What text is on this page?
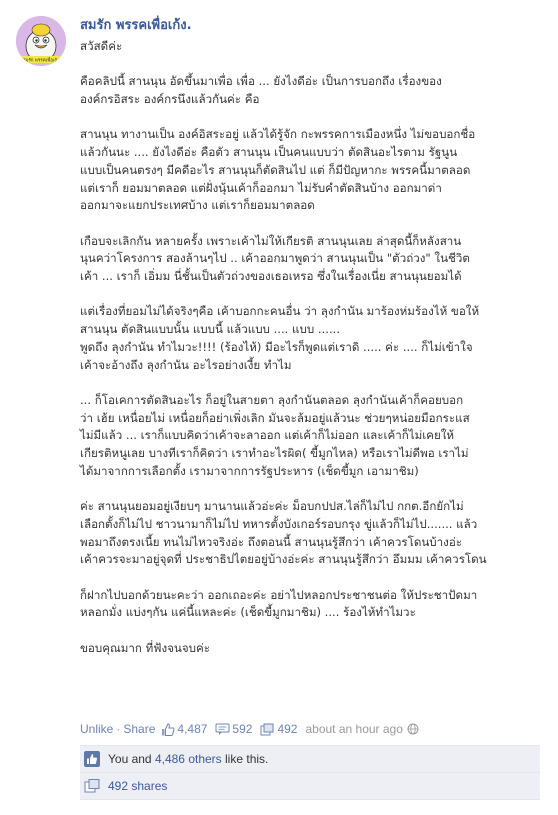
สมรัก พรรคเพื่อเก้ง
สมรัก พรรคเพื่อเก้ง.

สวัสดีค่ะ

คือคลิปนี้ สานนุน อัดขึ้นมาเพื่อ เพื่อ ... ยังไงดีอ่ะ เป็นการบอกถึง เรื่องของ
องค์กรอิสระ องค์กรนึงแล้วกันค่ะ คือ

สานนุน ทางานเป็น องค์อิสระอยู่ แล้วได้รู้จัก กะพรรคการเมืองหนึ่ง ไม่ขอบอกชื่อ
แล้วกันนะ .... ยังไงดีอ่ะ คือตัว สานนุน เป็นคนแบบว่า ตัดสินอะไรตาม รัฐนูน
แบบเป็นคนตรงๆ มีคดีอะไร สานนุนก็ตัดสินไป แต่ ก็มีปัญหากะ พรรคนี้มาตลอด
แต่เราก็ ยอมมาตลอด แต่ฝั่งนุ้นเค้าก็ออกมา ไม่รับคำตัดสินบ้าง ออกมาด่า
ออกมาจะแยกประเทศบ้าง แต่เราก็ยอมมาตลอด

เกือบจะเลิกกัน หลายครั้ง เพราะเค้าไม่ให้เกียรติ สานนุนเลย ล่าสุดนี้ก็หลังสาน
นุนคว่าโครงการ สองล้านๆไป .. เค้าออกมาพูดว่า สานนุนเป็น "ตัวถ่วง" ในชีวิต
เค้า ... เราก็ เอิ่มม นี่ชั้นเป็นตัวถ่วงของเธอเหรอ ซึ่งในเรื่องเนี่ย สานนุนยอมได้

แต่เรื่องที่ยอมไม่ได้จริงๆคือ เค้าบอกกะคนอื่น ว่า ลุงกำนัน มาร้องห่มร้องไห้ ขอให้
สานนุน ตัดสินแบบนั้น แบบนี้ แล้วแบบ .... แบบ ......
พูดถึง ลุงกำนัน ทำไมวะ!!!! (ร้องไห้) มีอะไรก็พูดแต่เราดิ ..... ค่ะ .... ก็ไม่เข้าใจ
เค้าจะอ้างถึง ลุงกำนัน อะไรอย่างเงี้ย ทำไม

... ก็โอเคการตัดสินอะไร ก็อยู่ในสายตา ลุงกำนันตลอด ลุงกำนันเค้าก็คอยบอก
ว่า เฮ้ย เหนื่อยไม่ เหนื่อยก็อย่าเพิ่งเลิก มันจะล้มอยู่แล้วนะ ช่วยๆหน่อยมือกระแส
ไม่มีแล้ว ... เราก็แบบคิดว่าเค้าจะลาออก แต่เค้าก็ไม่ออก และเค้าก็ไม่เคยให้
เกียรติหนูเลย บางทีเราก็คิดว่า เราทำอะไรผิด( ขี้มูกไหล) หรือเราไม่ดีพอ เราไม่
ได้มาจากการเลือกตั้ง เรามาจากการรัฐประหาร (เช็ดขี้มูก เอามาชิม)

ค่ะ สานนุนยอมอยู่เงียบๆ มานานแล้วอ่ะค่ะ ม็อบกปปส.ไล่ก็ไม่ไป กกต.อีกยักไม่
เลือกตั้งก็ไม่ไป ชาวนามาก็ไม่ไป ทหารตั้งบังเกอร์รอบกรุง ขู่แล้วก็ไม่ไป....... แล้ว
พอมาถึงตรงเนี้ย ทนไม่ไหวจริงอ่ะ ถึงตอนนี้ สานนุนรู้สึกว่า เค้าควรโดนบ้างอ่ะ
เค้าควรจะมาอยู่จุดที่ ประชาธิปไตยอยู่บ้างอ่ะค่ะ สานนุนรู้สึกว่า อึมมม เค้าควรโดน

ก็ฝากไปบอกด้วยนะคะว่า ออกเถอะค่ะ อย่าไปหลอกประชาชนต่อ ให้ประชาปัดมา
หลอกมั่ง แบ่งๆกัน แค่นี้แหละค่ะ (เช็ดขี้มูกมาชิม) .... ร้องไห้ทำไมวะ

ขอบคุณมาก ที่ฟังจนจบค่ะ

Unlike · Share 4,487 592 492 about an hour ago
You and
4,486 others
like this.
492 shares
